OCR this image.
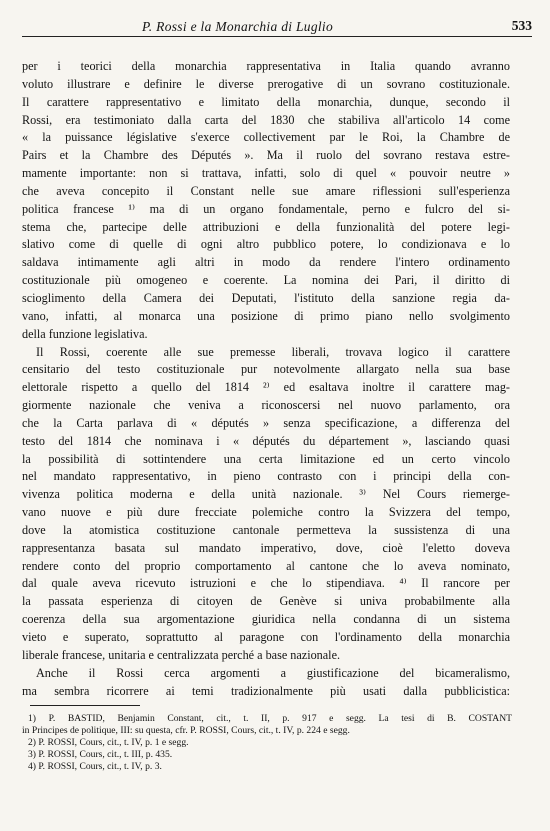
P. Rossi e la Monarchia di Luglio	533
per i teorici della monarchia rappresentativa in Italia quando avranno
voluto illustrare e definire le diverse prerogative di un sovrano costituzionale.
Il carattere rappresentativo e limitato della monarchia, dunque, secondo il
Rossi, era testimoniato dalla carta del 1830 che stabiliva all'articolo 14 come
« la puissance législative s'exerce collectivement par le Roi, la Chambre de
Pairs et la Chambre des Députés ». Ma il ruolo del sovrano restava estre-
mamente importante: non si trattava, infatti, solo di quel « pouvoir neutre »
che aveva concepito il Constant nelle sue amare riflessioni sull'esperienza
politica francese ¹⁾ ma di un organo fondamentale, perno e fulcro del si-
stema che, partecipe delle attribuzioni e della funzionalità del potere legi-
slativo come di quelle di ogni altro pubblico potere, lo condizionava e lo
saldava intimamente agli altri in modo da rendere l'intero ordinamento
costituzionale più omogeneo e coerente. La nomina dei Pari, il diritto di
scioglimento della Camera dei Deputati, l'istituto della sanzione regia da-
vano, infatti, al monarca una posizione di primo piano nello svolgimento
della funzione legislativa.
Il Rossi, coerente alle sue premesse liberali, trovava logico il carattere
censitario del testo costituzionale pur notevolmente allargato nella sua base
elettorale rispetto a quello del 1814 ²⁾ ed esaltava inoltre il carattere mag-
giormente nazionale che veniva a riconoscersi nel nuovo parlamento, ora
che la Carta parlava di « députés » senza specificazione, a differenza del
testo del 1814 che nominava i « députés du département », lasciando quasi
la possibilità di sottintendere una certa limitazione ed un certo vincolo
nel mandato rappresentativo, in pieno contrasto con i principi della con-
vivenza politica moderna e della unità nazionale. ³⁾ Nel Cours riemerge-
vano nuove e più dure frecciate polemiche contro la Svizzera del tempo,
dove la atomistica costituzione cantonale permetteva la sussistenza di una
rappresentanza basata sul mandato imperativo, dove, cioè l'eletto doveva
rendere conto del proprio comportamento al cantone che lo aveva nominato,
dal quale aveva ricevuto istruzioni e che lo stipendiava. ⁴⁾ Il rancore per
la passata esperienza di citoyen de Genève si univa probabilmente alla
coerenza della sua argomentazione giuridica nella condanna di un sistema
vieto e superato, soprattutto al paragone con l'ordinamento della monarchia
liberale francese, unitaria e centralizzata perché a base nazionale.
Anche il Rossi cerca argomenti a giustificazione del bicameralismo,
ma sembra ricorrere ai temi tradizionalmente più usati dalla pubblicistica:
1) P. BASTID, Benjamin Constant, cit., t. II, p. 917 e segg. La tesi di B. COSTANT
in Principes de politique, III: su questa, cfr. P. ROSSI, Cours, cit., t. IV, p. 224 e segg.
2) P. ROSSI, Cours, cit., t. IV, p. 1 e segg.
3) P. ROSSI, Cours, cit., t. III, p. 435.
4) P. ROSSI, Cours, cit., t. IV, p. 3.
